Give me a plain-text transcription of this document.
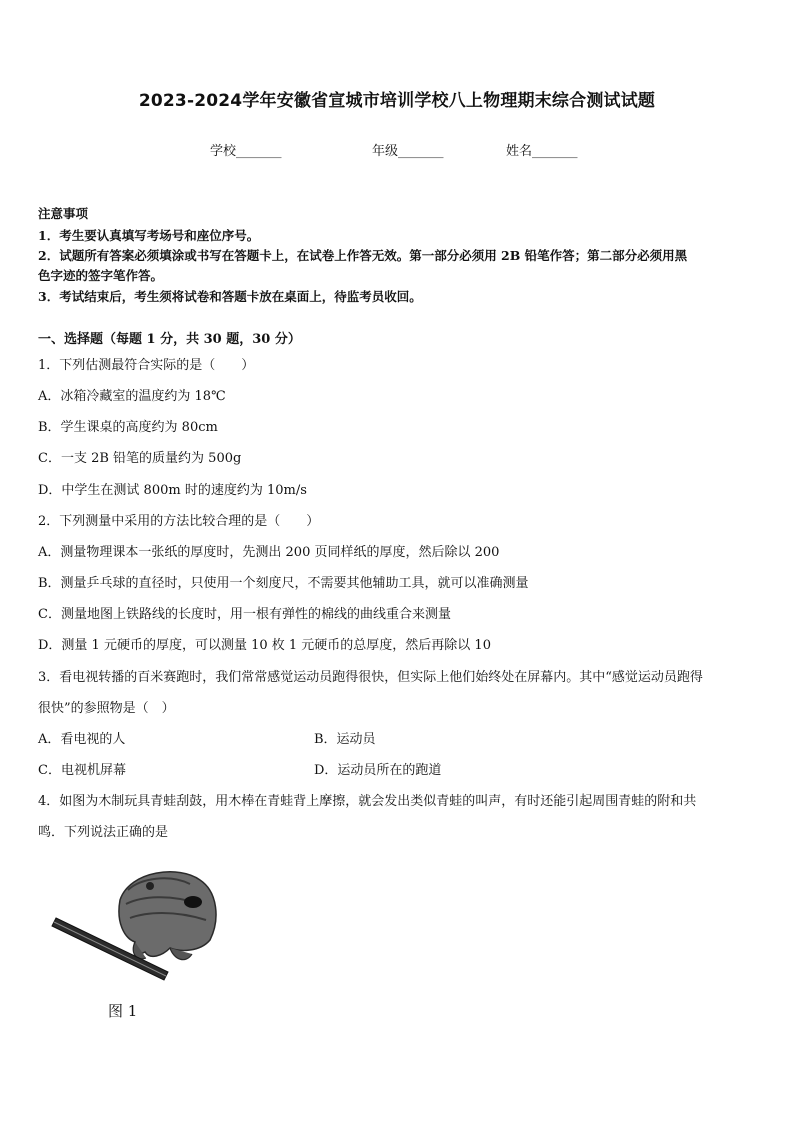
2023-2024学年安徽省宣城市培训学校八上物理期末综合测试试题
学校_______	年级_______	姓名_______
注意事项
1．考生要认真填写考场号和座位序号。
2．试题所有答案必须填涂或书写在答题卡上，在试卷上作答无效。第一部分必须用 2B 铅笔作答；第二部分必须用黑
色字迹的签字笔作答。
3．考试结束后，考生须将试卷和答题卡放在桌面上，待监考员收回。
一、选择题（每题 1 分，共 30 题，30 分）
1．下列估测最符合实际的是（　　）
A．冰箱冷藏室的温度约为 18℃
B．学生课桌的高度约为 80cm
C．一支 2B 铅笔的质量约为 500g
D．中学生在测试 800m 时的速度约为 10m/s
2．下列测量中采用的方法比较合理的是（　　）
A．测量物理课本一张纸的厚度时，先测出 200 页同样纸的厚度，然后除以 200
B．测量乒乓球的直径时，只使用一个刻度尺，不需要其他辅助工具，就可以准确测量
C．测量地图上铁路线的长度时，用一根有弹性的棉线的曲线重合来测量
D．测量 1 元硬币的厚度，可以测量 10 枚 1 元硬币的总厚度，然后再除以 10
3．看电视转播的百米赛跑时，我们常常感觉运动员跑得很快，但实际上他们始终处在屏幕内。其中“感觉运动员跑得
很快”的参照物是（　）
A．看电视的人	B．运动员
C．电视机屏幕	D．运动员所在的跑道
4．如图为木制玩具青蛙刮鼓，用木棒在青蛙背上摩擦，就会发出类似青蛙的叫声，有时还能引起周围青蛙的附和共
鸣．下列说法正确的是
图 1
